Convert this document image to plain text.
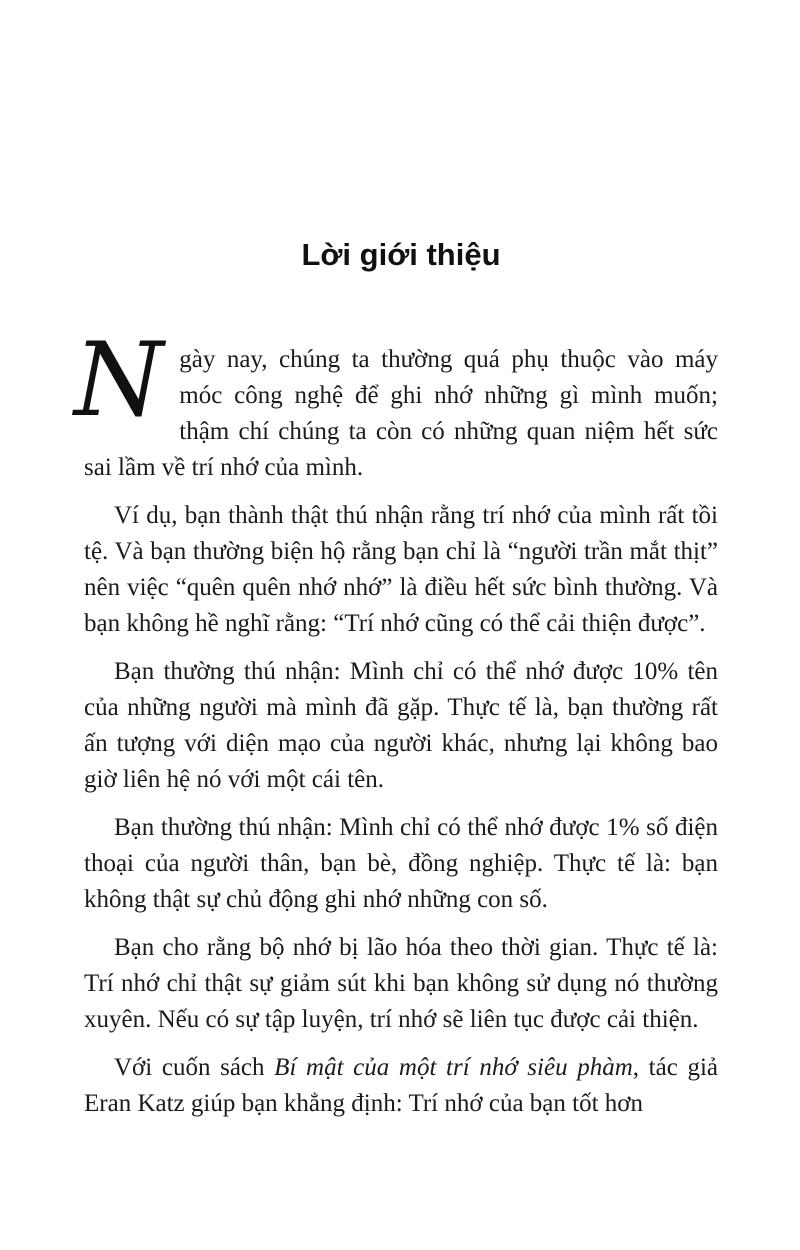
Lời giới thiệu

Ngày nay, chúng ta thường quá phụ thuộc vào máy móc công nghệ để ghi nhớ những gì mình muốn; thậm chí chúng ta còn có những quan niệm hết sức sai lầm về trí nhớ của mình.

Ví dụ, bạn thành thật thú nhận rằng trí nhớ của mình rất tồi tệ. Và bạn thường biện hộ rằng bạn chỉ là “người trần mắt thịt” nên việc “quên quên nhớ nhớ” là điều hết sức bình thường. Và bạn không hề nghĩ rằng: “Trí nhớ cũng có thể cải thiện được”.

Bạn thường thú nhận: Mình chỉ có thể nhớ được 10% tên của những người mà mình đã gặp. Thực tế là, bạn thường rất ấn tượng với diện mạo của người khác, nhưng lại không bao giờ liên hệ nó với một cái tên.

Bạn thường thú nhận: Mình chỉ có thể nhớ được 1% số điện thoại của người thân, bạn bè, đồng nghiệp. Thực tế là: bạn không thật sự chủ động ghi nhớ những con số.

Bạn cho rằng bộ nhớ bị lão hóa theo thời gian. Thực tế là: Trí nhớ chỉ thật sự giảm sút khi bạn không sử dụng nó thường xuyên. Nếu có sự tập luyện, trí nhớ sẽ liên tục được cải thiện.

Với cuốn sách Bí mật của một trí nhớ siêu phàm, tác giả Eran Katz giúp bạn khẳng định: Trí nhớ của bạn tốt hơn
